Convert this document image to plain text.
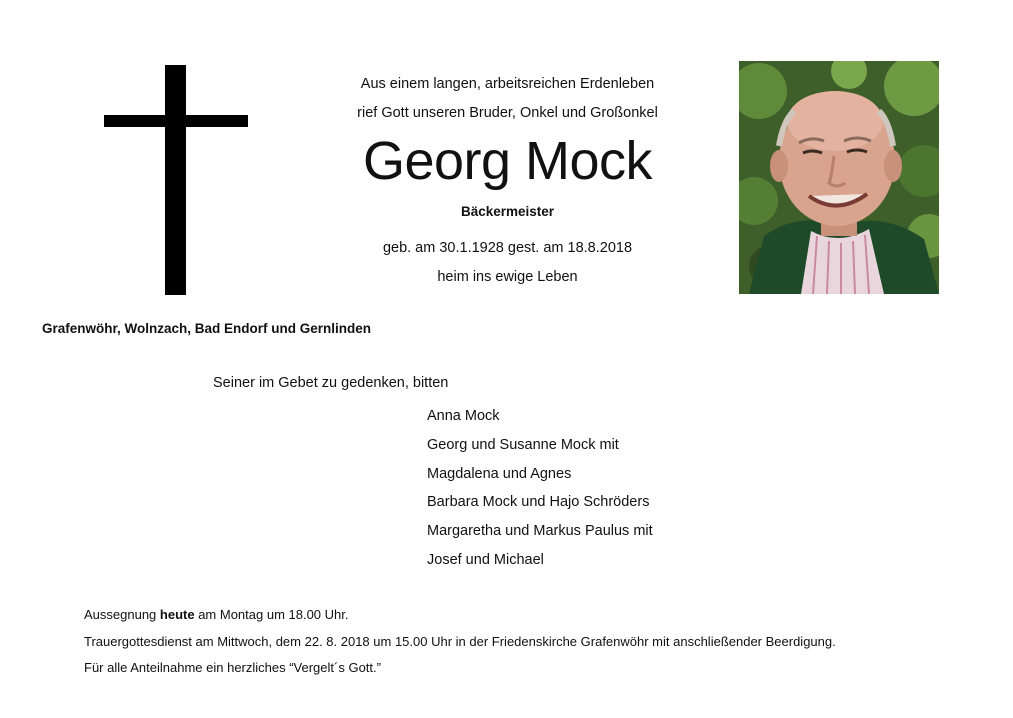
Aus einem langen, arbeitsreichen Erdenleben
rief Gott unseren Bruder, Onkel und Großonkel
Georg Mock
Bäckermeister
geb. am 30.1.1928 gest. am 18.8.2018
heim ins ewige Leben
Grafenwöhr, Wolnzach, Bad Endorf und Gernlinden
Seiner im Gebet zu gedenken, bitten
Anna Mock
Georg und Susanne Mock mit
Magdalena und Agnes
Barbara Mock und Hajo Schröders
Margaretha und Markus Paulus mit
Josef und Michael

Aussegnung heute am Montag um 18.00 Uhr.

Trauergottesdienst am Mittwoch, dem 22. 8. 2018 um 15.00 Uhr in der Friedenskirche Grafenwöhr mit anschließender Beerdigung.

Für alle Anteilnahme ein herzliches “Vergelt´s Gott.”
